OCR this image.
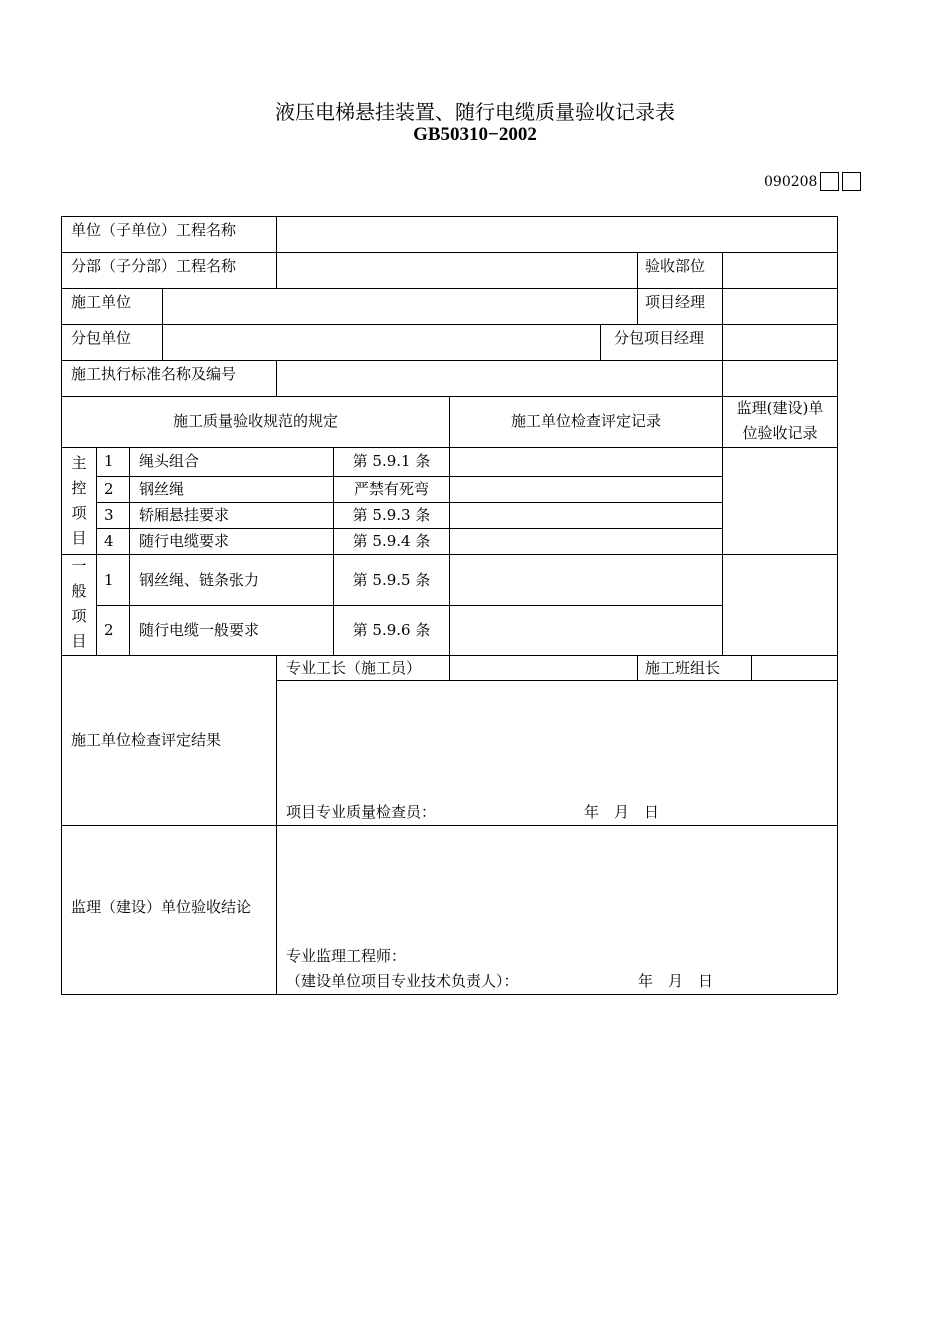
液压电梯悬挂装置、随行电缆质量验收记录表
GB50310−2002
090208
单位（子单位）工程名称
分部（子分部）工程名称	验收部位
施工单位	项目经理
分包单位	分包项目经理
施工执行标准名称及编号
施工质量验收规范的规定	施工单位检查评定记录
监理(建设)单
位验收记录
主
控
项
目
1 绳头组合	第 5.9.1 条
2 钢丝绳	严禁有死弯
3 轿厢悬挂要求	第 5.9.3 条
4 随行电缆要求	第 5.9.4 条
一
般
项
目
1 钢丝绳、链条张力	第 5.9.5 条
2 随行电缆一般要求	第 5.9.6 条
施工单位检查评定结果
专业工长（施工员）	施工班组长
项目专业质量检查员：	年　月　日
监理（建设）单位验收结论
专业监理工程师：
（建设单位项目专业技术负责人）：	年　月　日
